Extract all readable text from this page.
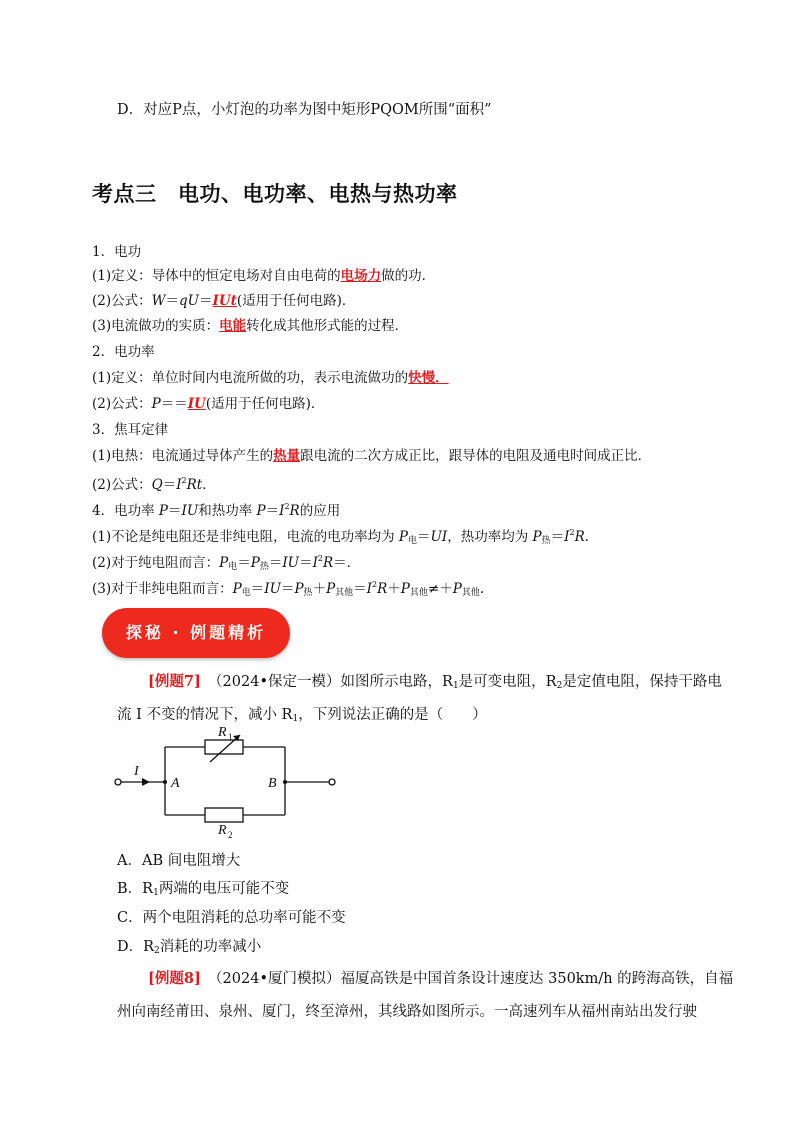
D．对应P点，小灯泡的功率为图中矩形PQOM所围“面积”
考点三　电功、电功率、电热与热功率
1．电功
(1)定义：导体中的恒定电场对自由电荷的电场力做的功．
(2)公式：W＝qU＝IUt(适用于任何电路)．
(3)电流做功的实质：电能转化成其他形式能的过程．
2．电功率
(1)定义：单位时间内电流所做的功，表示电流做功的快慢．
(2)公式：P＝＝IU(适用于任何电路)．
3．焦耳定律
(1)电热：电流通过导体产生的热量跟电流的二次方成正比，跟导体的电阻及通电时间成正比．
(2)公式：$Q=I^2Rt$．
4．电功率 P＝IU和热功率 $P=I^2R$的应用
(1)不论是纯电阻还是非纯电阻，电流的电功率均为 $P_电=UI$，热功率均为 $P_热=I^2R$．
(2)对于纯电阻而言：$P_电=P_热=IU=I^2R=$．
(3)对于非纯电阻而言：$P_电=IU=P_热+P_{其他}=I^2R+P_{其他}\ne+P_{其他}$.
探秘 · 例题精析
[例题7]　（2024•保定一模）如图所示电路，$R_1$是可变电阻，$R_2$是定值电阻，保持干路电
流 I 不变的情况下，减小 $R_1$，下列说法正确的是（　　）
I
A	B
R 1
R 2
A．AB 间电阻增大
B．$R_1$两端的电压可能不变
C．两个电阻消耗的总功率可能不变
D．$R_2$消耗的功率减小
[例题8]　（2024•厦门模拟）福厦高铁是中国首条设计速度达 350km/h 的跨海高铁，自福
州向南经莆田、泉州、厦门，终至漳州，其线路如图所示。一高速列车从福州南站出发行驶
